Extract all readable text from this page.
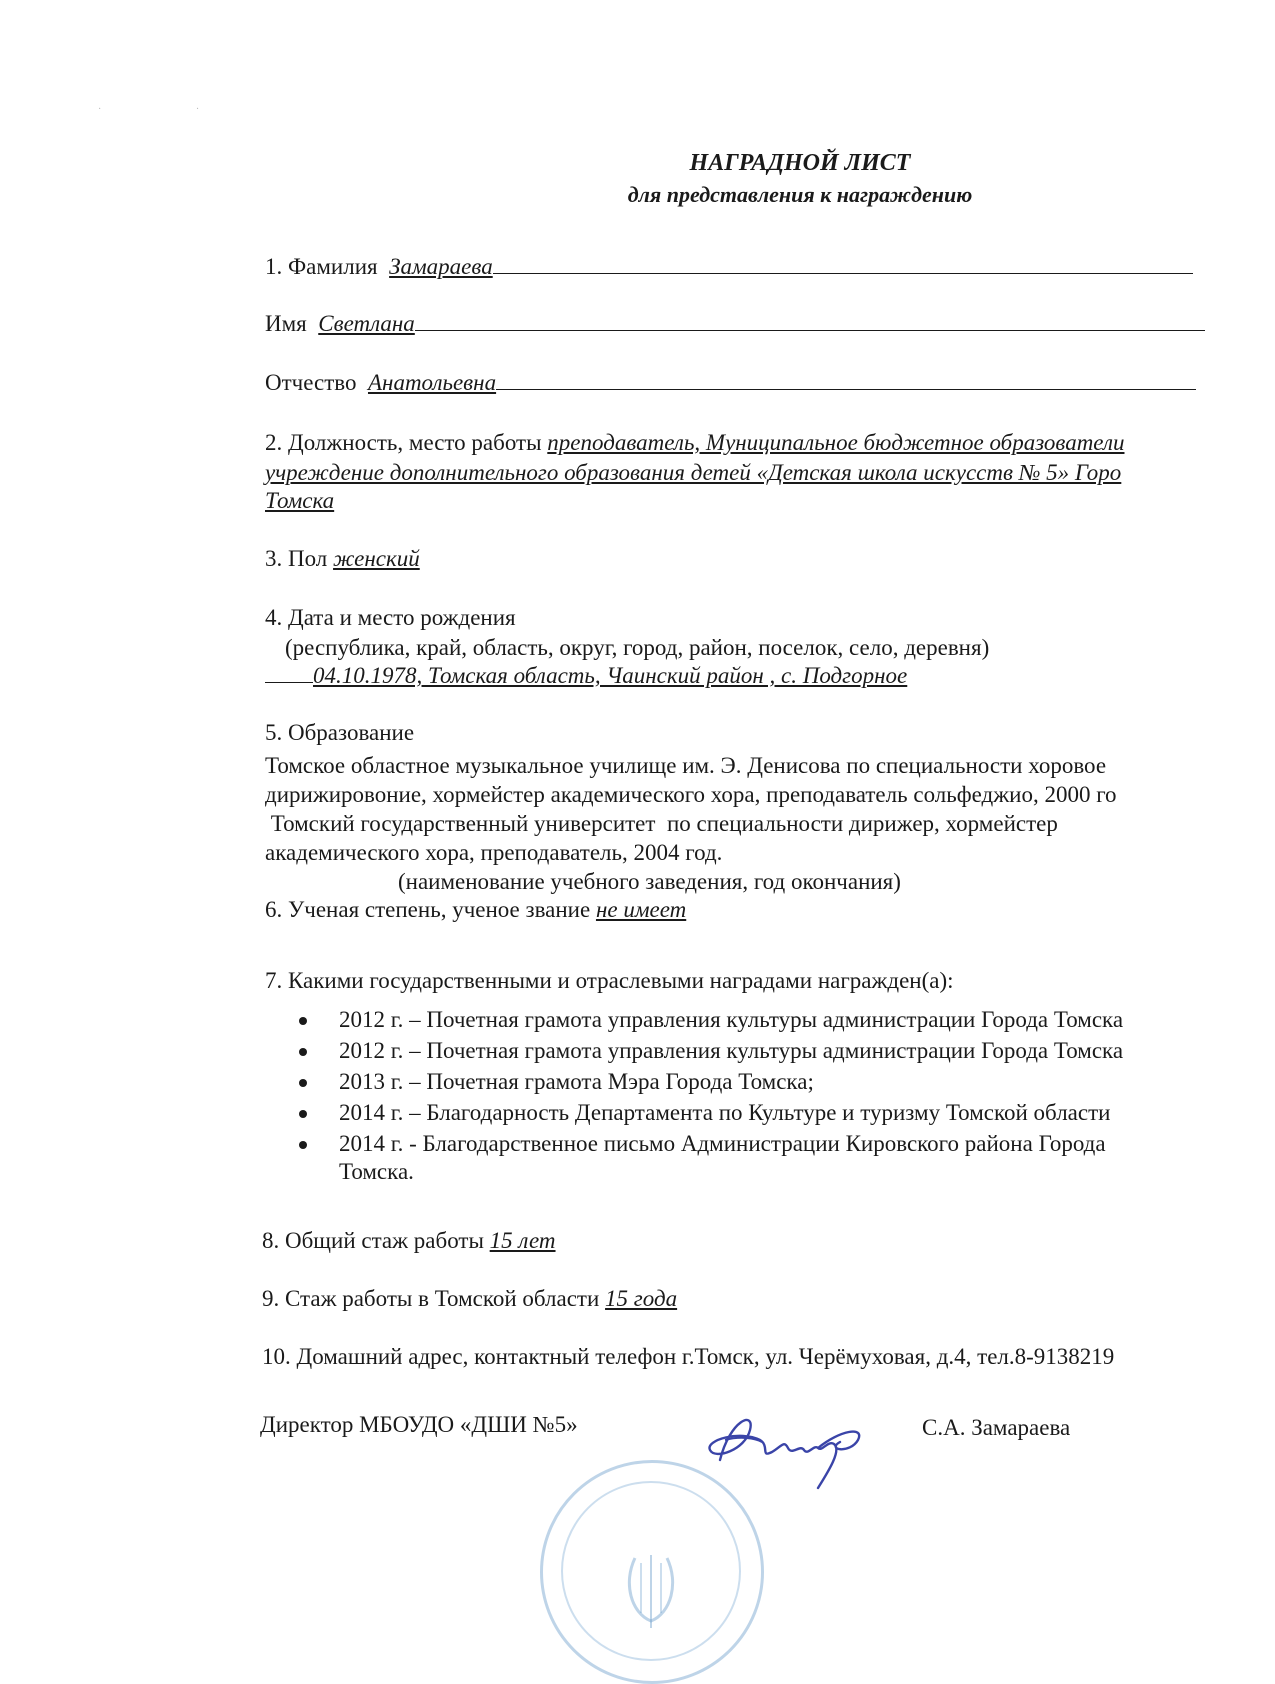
· ·
НАГРАДНОЙ ЛИСТ
для представления к награждению
1. Фамилия Замараева
Имя Светлана
Отчество Анатольевна
2. Должность, место работы преподаватель, Муниципальное бюджетное образователи
учреждение дополнительного образования детей «Детская школа искусств № 5» Горо
Томска
3. Пол женский
4. Дата и место рождения
(республика, край, область, округ, город, район, поселок, село, деревня)
04.10.1978, Томская область, Чаинский район , с. Подгорное
5. Образование
Томское областное музыкальное училище им. Э. Денисова по специальности хоровое
дирижировоние, хормейстер академического хора, преподаватель сольфеджио, 2000 го
Томский государственный университет  по специальности дирижер, хормейстер
академического хора, преподаватель, 2004 год.
(наименование учебного заведения, год окончания)
6. Ученая степень, ученое звание не имеет
7. Какими государственными и отраслевыми наградами награжден(а):
2012 г. – Почетная грамота управления культуры администрации Города Томска
2012 г. – Почетная грамота управления культуры администрации Города Томска
2013 г. – Почетная грамота Мэра Города Томска;
2014 г. – Благодарность Департамента по Культуре и туризму Томской области
2014 г. - Благодарственное письмо Администрации Кировского района Города
Томска.
8. Общий стаж работы 15 лет
9. Стаж работы в Томской области 15 года
10. Домашний адрес, контактный телефон г.Томск, ул. Черёмуховая, д.4, тел.8-9138219
Директор МБОУДО «ДШИ №5»	С.А. Замараева
